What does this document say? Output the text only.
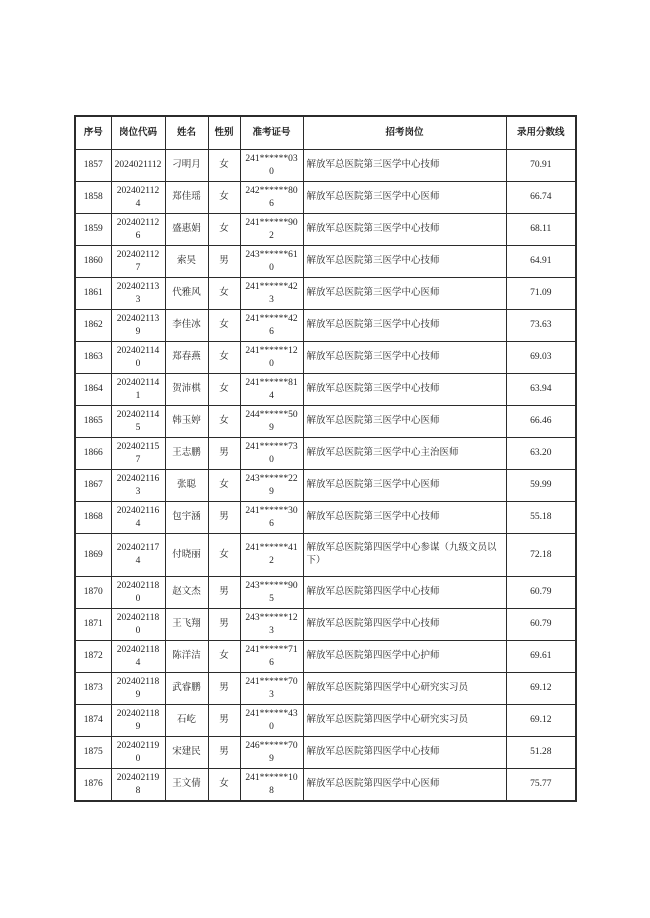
序号	岗位代码	姓名	性别	准考证号	招考岗位	录用分数线
1857	2024021112	刁明月	女	241******030	解放军总医院第三医学中心技师	70.91
1858	2024021124	郑佳瑶	女	242******806	解放军总医院第三医学中心医师	66.74
1859	2024021126	盛惠娟	女	241******902	解放军总医院第三医学中心技师	68.11
1860	2024021127	索昊	男	243******610	解放军总医院第三医学中心技师	64.91
1861	2024021133	代雅风	女	241******423	解放军总医院第三医学中心医师	71.09
1862	2024021139	李佳冰	女	241******426	解放军总医院第三医学中心技师	73.63
1863	2024021140	郑春燕	女	241******120	解放军总医院第三医学中心技师	69.03
1864	2024021141	贺沛棋	女	241******814	解放军总医院第三医学中心技师	63.94
1865	2024021145	韩玉婷	女	244******509	解放军总医院第三医学中心医师	66.46
1866	2024021157	王志鹏	男	241******730	解放军总医院第三医学中心主治医师	63.20
1867	2024021163	张聪	女	243******229	解放军总医院第三医学中心医师	59.99
1868	2024021164	包宇涵	男	241******306	解放军总医院第三医学中心技师	55.18
1869	2024021174	付晓丽	女	241******412	解放军总医院第四医学中心参谋（九级文员以下）	72.18
1870	2024021180	赵文杰	男	243******905	解放军总医院第四医学中心技师	60.79
1871	2024021180	王飞翔	男	243******123	解放军总医院第四医学中心技师	60.79
1872	2024021184	陈洋洁	女	241******716	解放军总医院第四医学中心护师	69.61
1873	2024021189	武睿鹏	男	241******703	解放军总医院第四医学中心研究实习员	69.12
1874	2024021189	石屹	男	241******430	解放军总医院第四医学中心研究实习员	69.12
1875	2024021190	宋建民	男	246******709	解放军总医院第四医学中心技师	51.28
1876	2024021198	王文倩	女	241******108	解放军总医院第四医学中心医师	75.77
